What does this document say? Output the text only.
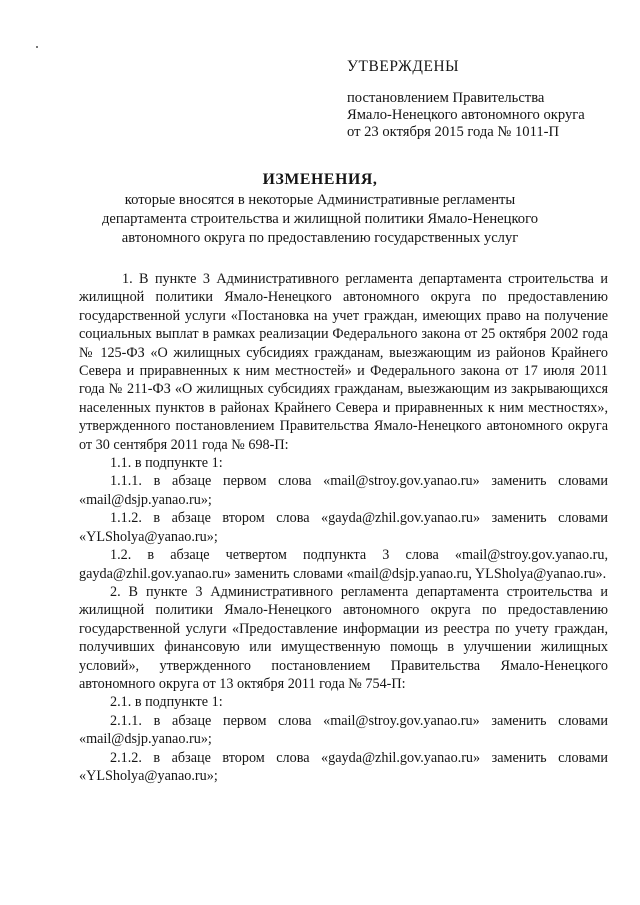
УТВЕРЖДЕНЫ
постановлением Правительства
Ямало-Ненецкого автономного округа
от 23 октября 2015 года № 1011-П
ИЗМЕНЕНИЯ,
которые вносятся в некоторые Административные регламенты
департамента строительства и жилищной политики Ямало-Ненецкого
автономного округа по предоставлению государственных услуг

1. В пункте 3 Административного регламента департамента строительства и жилищной политики Ямало-Ненецкого автономного округа по предоставлению государственной услуги «Постановка на учет граждан, имеющих право на получение социальных выплат в рамках реализации Федерального закона от 25 октября 2002 года № 125-ФЗ «О жилищных субсидиях гражданам, выезжающим из районов Крайнего Севера и приравненных к ним местностей» и Федерального закона от 17 июля 2011 года № 211-ФЗ «О жилищных субсидиях гражданам, выезжающим из закрывающихся населенных пунктов в районах Крайнего Севера и приравненных к ним местностях», утвержденного постановлением Правительства Ямало-Ненецкого автономного округа от 30 сентября 2011 года № 698-П:

1.1. в подпункте 1:

1.1.1. в абзаце первом слова «mail@stroy.gov.yanao.ru» заменить словами «mail@dsjp.yanao.ru»;

1.1.2. в абзаце втором слова «gayda@zhil.gov.yanao.ru» заменить словами «YLSholya@yanao.ru»;

1.2. в абзаце четвертом подпункта 3 слова «mail@stroy.gov.yanao.ru, gayda@zhil.gov.yanao.ru» заменить словами «mail@dsjp.yanao.ru, YLSholya@yanao.ru».

2. В пункте 3 Административного регламента департамента строительства и жилищной политики Ямало-Ненецкого автономного округа по предоставлению государственной услуги «Предоставление информации из реестра по учету граждан, получивших финансовую или имущественную помощь в улучшении жилищных условий», утвержденного постановлением Правительства Ямало-Ненецкого автономного округа от 13 октября 2011 года № 754-П:

2.1. в подпункте 1:

2.1.1. в абзаце первом слова «mail@stroy.gov.yanao.ru» заменить словами «mail@dsjp.yanao.ru»;

2.1.2. в абзаце втором слова «gayda@zhil.gov.yanao.ru» заменить словами «YLSholya@yanao.ru»;
